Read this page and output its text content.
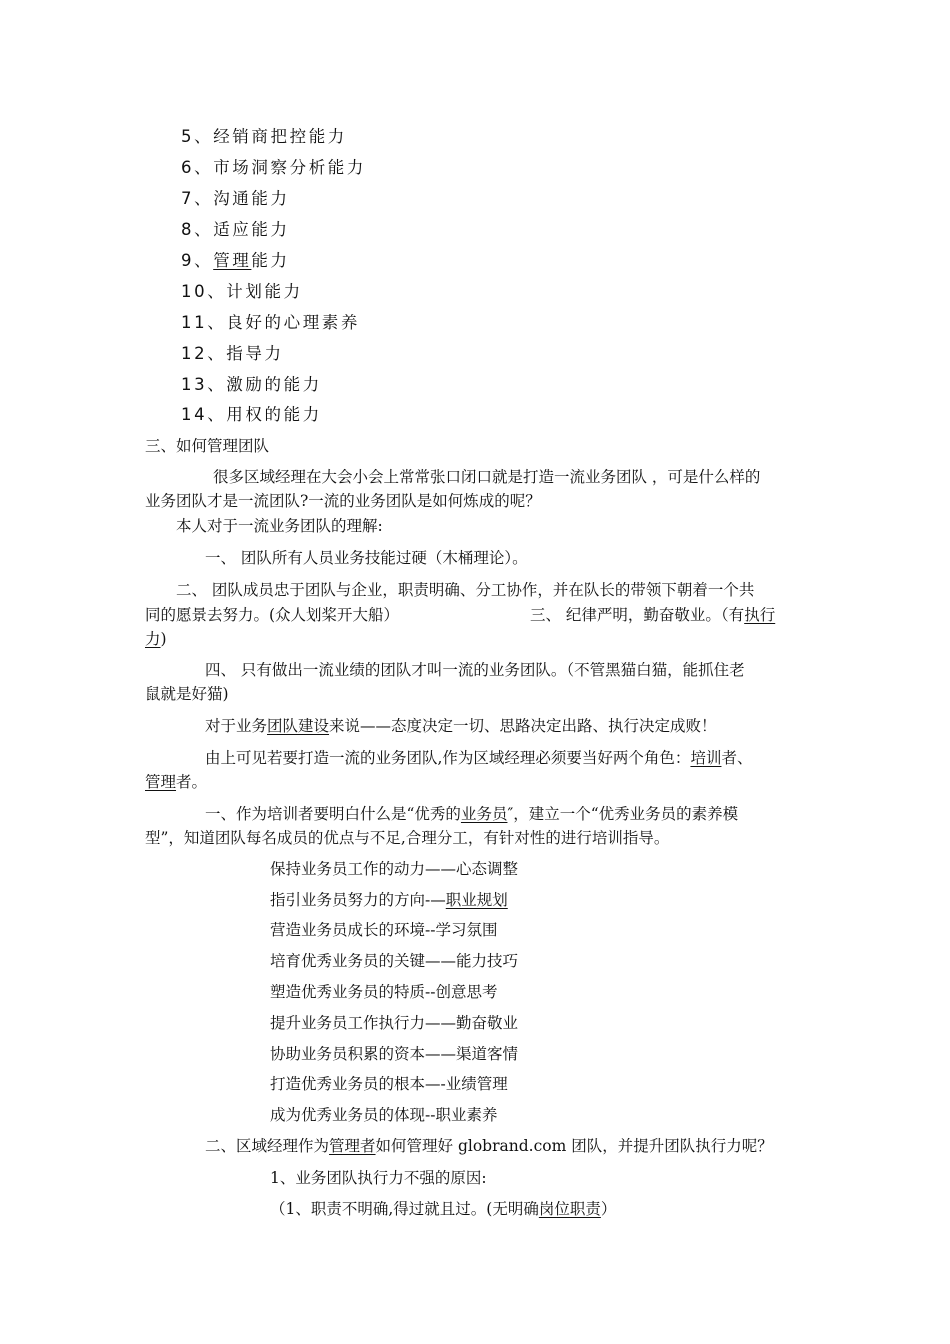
5、经销商把控能力
6、市场洞察分析能力
7、沟通能力
8、适应能力
9、管理能力
10、计划能力
11、良好的心理素养
12、指导力
13、激励的能力
14、用权的能力
三、如何管理团队
很多区域经理在大会小会上常常张口闭口就是打造一流业务团队 ，可是什么样的
业务团队才是一流团队?一流的业务团队是如何炼成的呢？
本人对于一流业务团队的理解:
一、 团队所有人员业务技能过硬（木桶理论）。
二、 团队成员忠于团队与企业，职责明确、分工协作，并在队长的带领下朝着一个共
同的愿景去努力。(众人划桨开大船）	三、 纪律严明，勤奋敬业。（有执行
力)
四、 只有做出一流业绩的团队才叫一流的业务团队。（不管黑猫白猫，能抓住老
鼠就是好猫)
对于业务团队建设来说——态度决定一切、思路决定出路、执行决定成败！
由上可见若要打造一流的业务团队,作为区域经理必须要当好两个角色：培训者、
管理者。
一、作为培训者要明白什么是“优秀的业务员″，建立一个“优秀业务员的素养模
型”，知道团队每名成员的优点与不足,合理分工，有针对性的进行培训指导。
保持业务员工作的动力——心态调整
指引业务员努力的方向-—职业规划
营造业务员成长的环境--学习氛围
培育优秀业务员的关键——能力技巧
塑造优秀业务员的特质--创意思考
提升业务员工作执行力——勤奋敬业
协助业务员积累的资本——渠道客情
打造优秀业务员的根本—-业绩管理
成为优秀业务员的体现--职业素养
二、区域经理作为管理者如何管理好 globrand.com 团队，并提升团队执行力呢？
1、业务团队执行力不强的原因:
（1、职责不明确,得过就且过。(无明确岗位职责）
